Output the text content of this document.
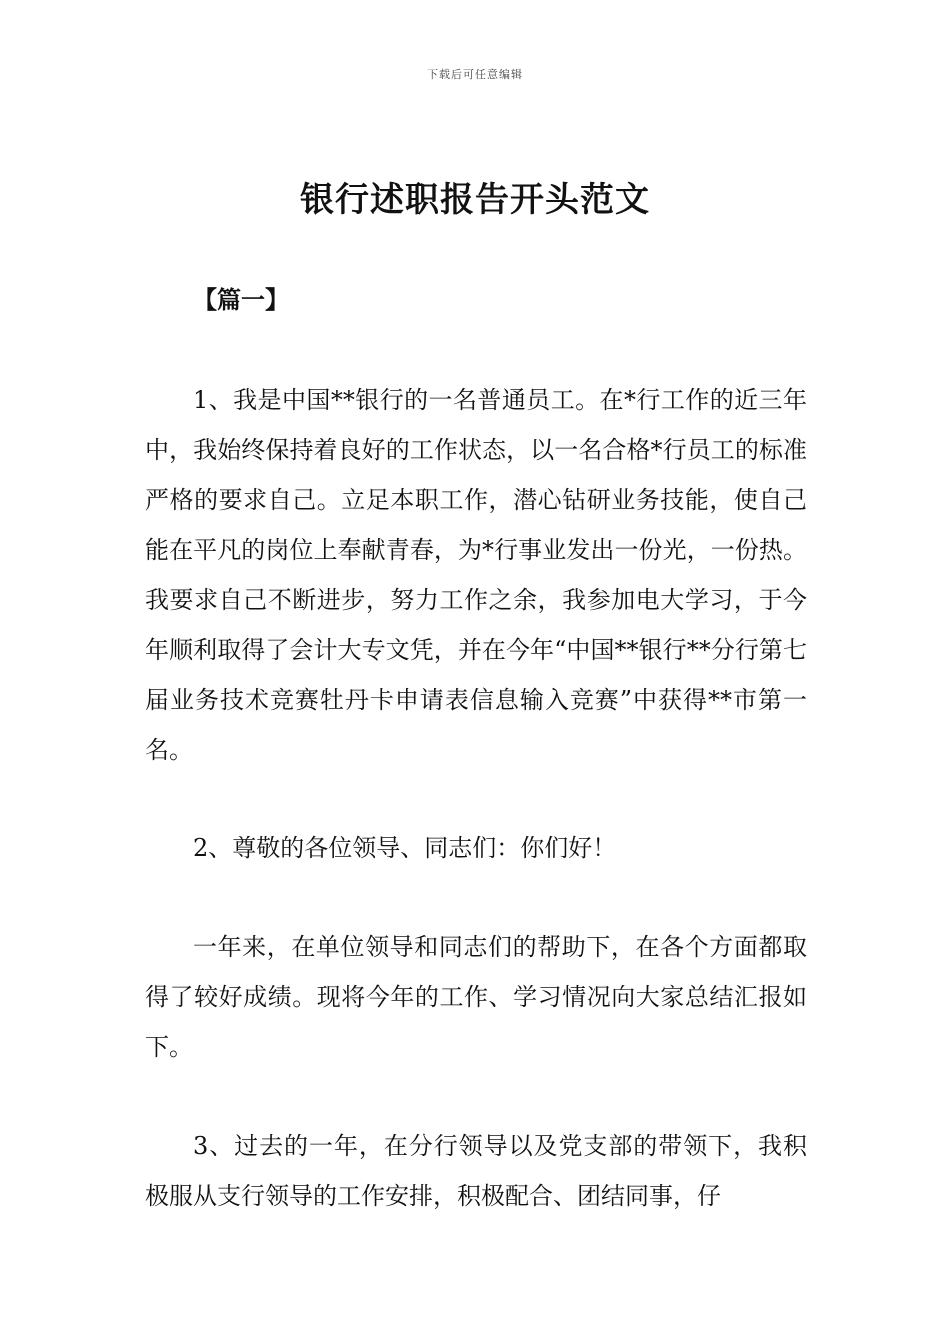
下载后可任意编辑
银行述职报告开头范文
【篇一】

1、我是中国**银行的一名普通员工。在*行工作的近三年中，我始终保持着良好的工作状态，以一名合格*行员工的标准严格的要求自己。立足本职工作，潜心钻研业务技能，使自己能在平凡的岗位上奉献青春，为*行事业发出一份光，一份热。我要求自己不断进步，努力工作之余，我参加电大学习，于今年顺利取得了会计大专文凭，并在今年“中国**银行**分行第七届业务技术竞赛牡丹卡申请表信息输入竞赛”中获得**市第一名。

2、尊敬的各位领导、同志们：你们好！

一年来，在单位领导和同志们的帮助下，在各个方面都取得了较好成绩。现将今年的工作、学习情况向大家总结汇报如下。

3、过去的一年，在分行领导以及党支部的带领下，我积极服从支行领导的工作安排，积极配合、团结同事，仔
